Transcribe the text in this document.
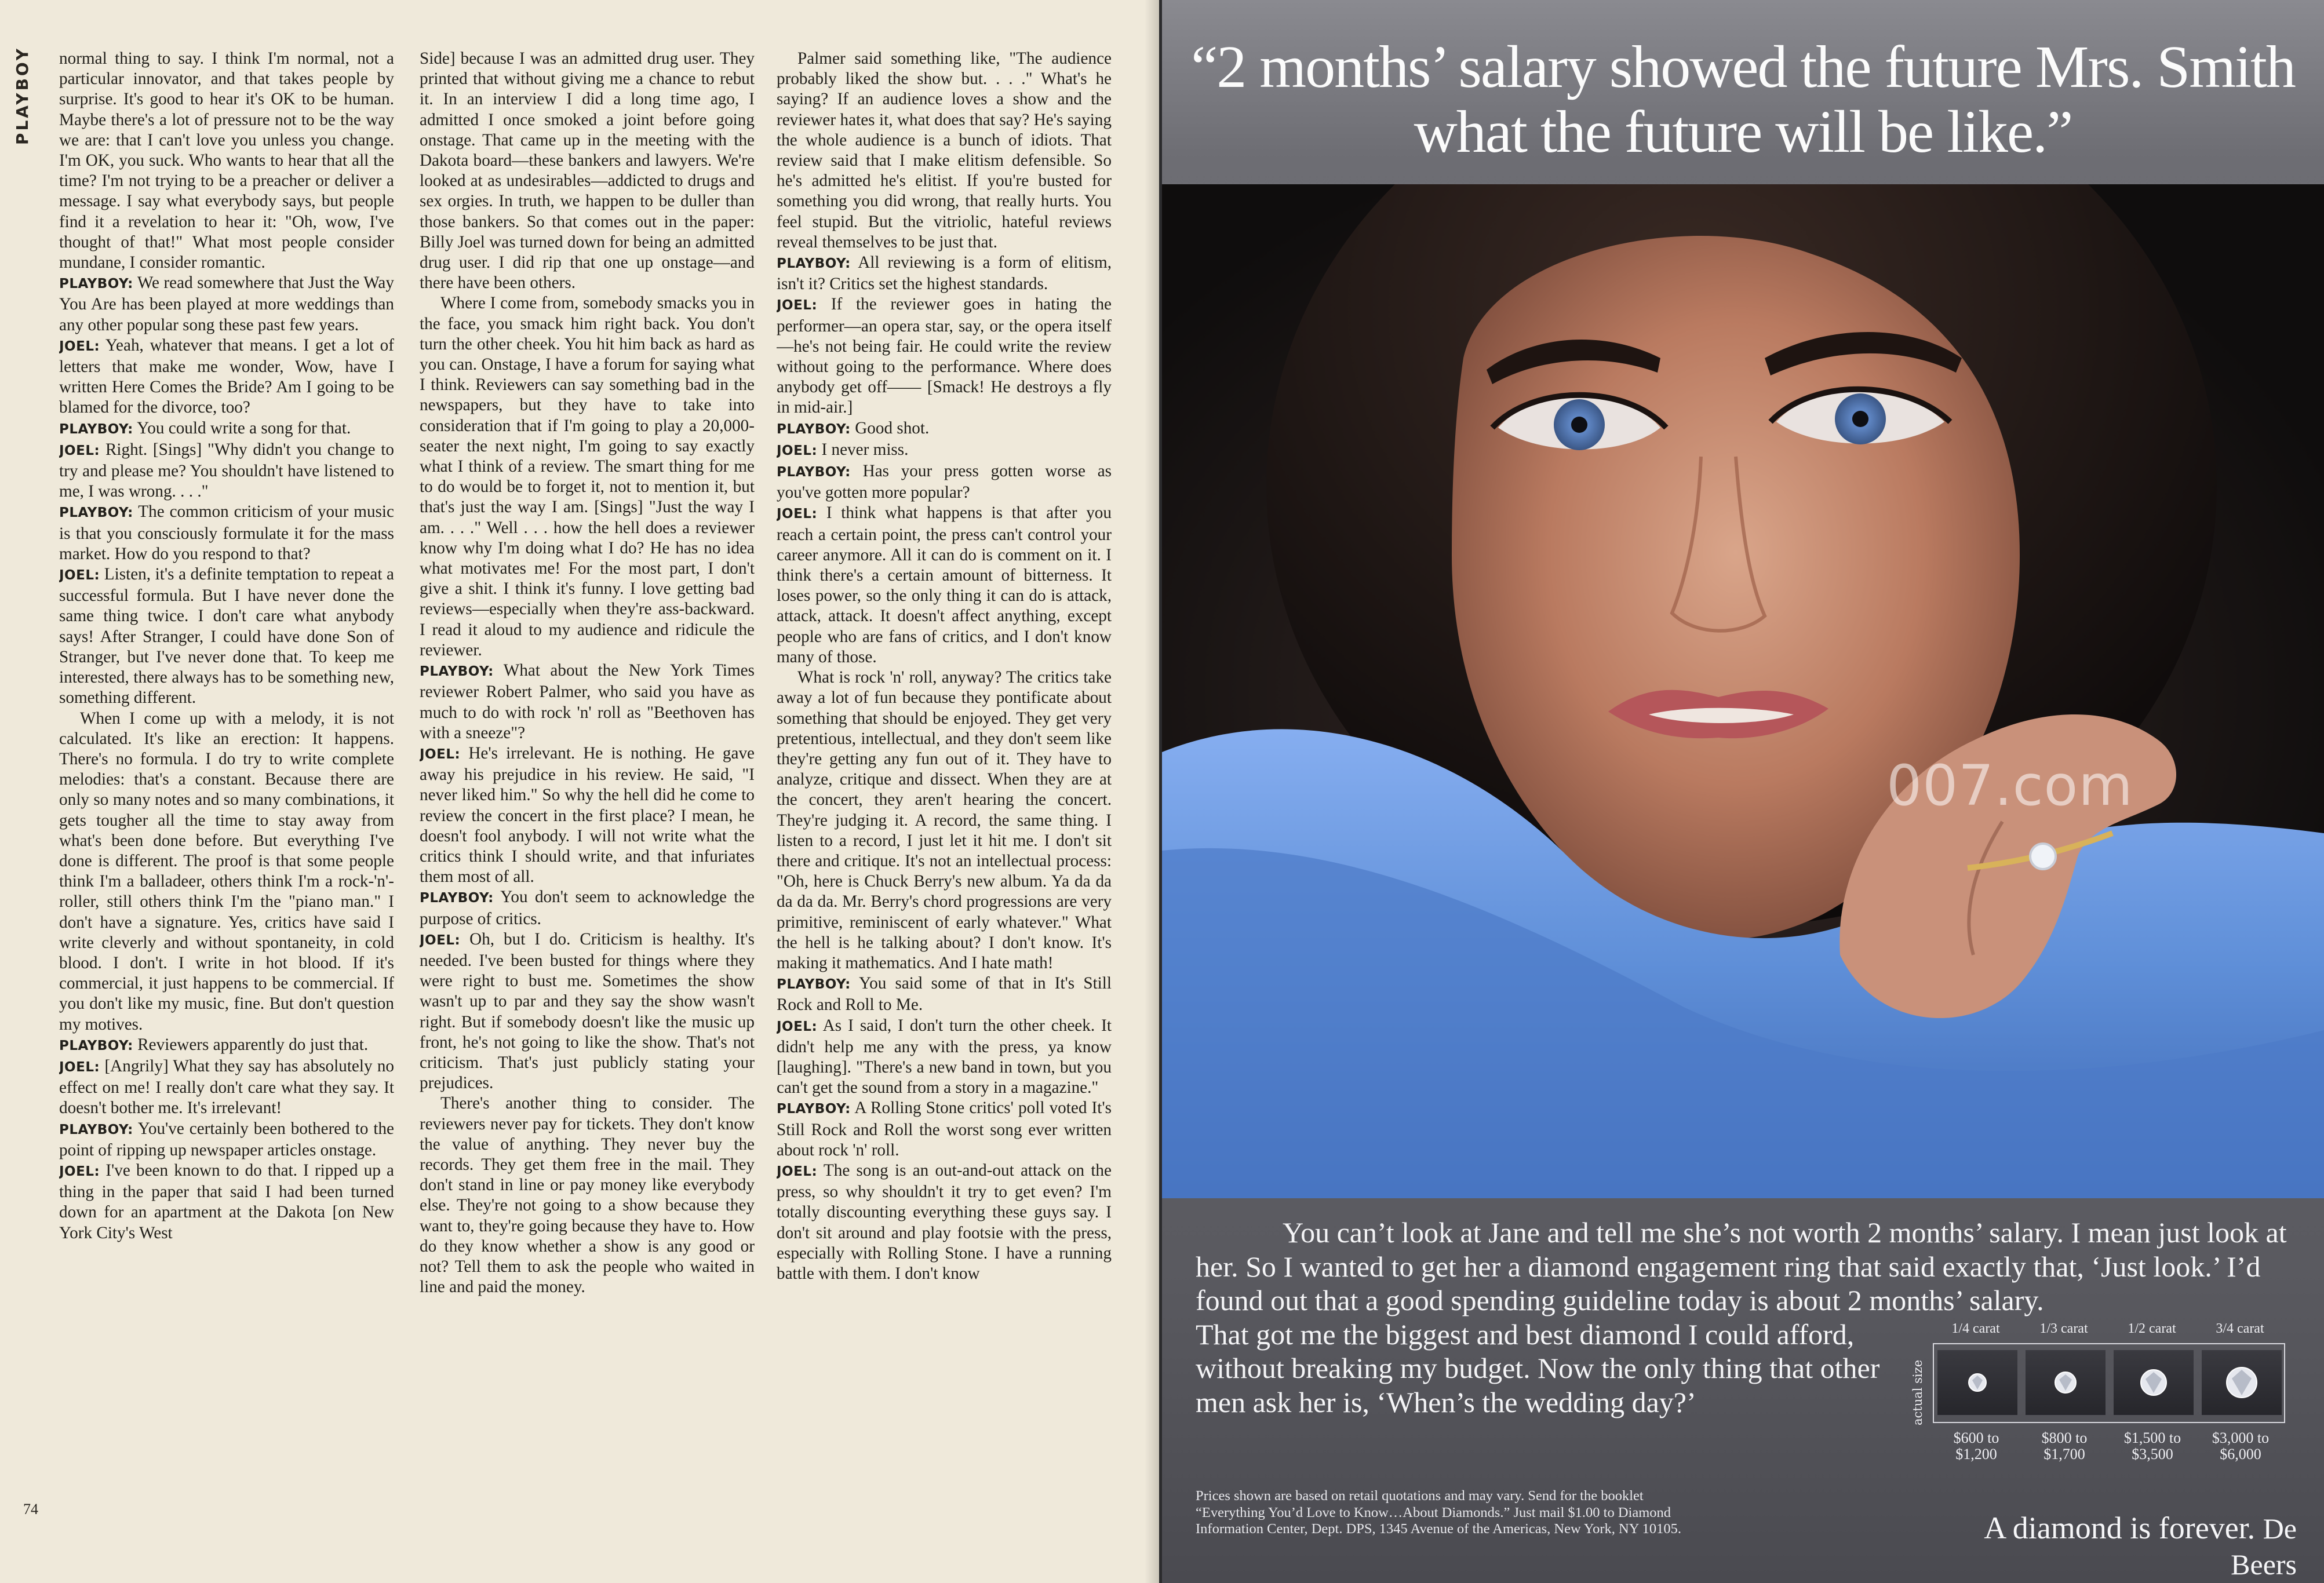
PLAYBOY normal thing to say. I think I'm normal, not a particular innovator, and that takes people by surprise. It's good to hear it's OK to be human. Maybe there's a lot of pressure not to be the way we are: that I can't love you unless you change. I'm OK, you suck. Who wants to hear that all the time? I'm not trying to be a preacher or deliver a message. I say what everybody says, but people find it a revelation to hear it: "Oh, wow, I've thought of that!" What most people consider mundane, I consider romantic.

PLAYBOY: We read somewhere that Just the Way You Are has been played at more weddings than any other popular song these past few years.

JOEL: Yeah, whatever that means. I get a lot of letters that make me wonder, Wow, have I written Here Comes the Bride? Am I going to be blamed for the divorce, too?

PLAYBOY: You could write a song for that.

JOEL: Right. [Sings] "Why didn't you change to try and please me? You shouldn't have listened to me, I was wrong. . . ."

PLAYBOY: The common criticism of your music is that you consciously formulate it for the mass market. How do you respond to that?

JOEL: Listen, it's a definite temptation to repeat a successful formula. But I have never done the same thing twice. I don't care what anybody says! After Stranger, I could have done Son of Stranger, but I've never done that. To keep me interested, there always has to be something new, something different.

When I come up with a melody, it is not calculated. It's like an erection: It happens. There's no formula. I do try to write complete melodies: that's a constant. Because there are only so many notes and so many combinations, it gets tougher all the time to stay away from what's been done before. But everything I've done is different. The proof is that some people think I'm a balladeer, others think I'm a rock-'n'-roller, still others think I'm the "piano man." I don't have a signature. Yes, critics have said I write cleverly and without spontaneity, in cold blood. I don't. I write in hot blood. If it's commercial, it just happens to be commercial. If you don't like my music, fine. But don't question my motives.

PLAYBOY: Reviewers apparently do just that.

JOEL: [Angrily] What they say has absolutely no effect on me! I really don't care what they say. It doesn't bother me. It's irrelevant!

PLAYBOY: You've certainly been bothered to the point of ripping up newspaper articles onstage.

JOEL: I've been known to do that. I ripped up a thing in the paper that said I had been turned down for an apartment at the Dakota [on New York City's West

Side] because I was an admitted drug user. They printed that without giving me a chance to rebut it. In an interview I did a long time ago, I admitted I once smoked a joint before going onstage. That came up in the meeting with the Dakota board—these bankers and lawyers. We're looked at as undesirables—addicted to drugs and sex orgies. In truth, we happen to be duller than those bankers. So that comes out in the paper: Billy Joel was turned down for being an admitted drug user. I did rip that one up onstage—and there have been others.

Where I come from, somebody smacks you in the face, you smack him right back. You don't turn the other cheek. You hit him back as hard as you can. Onstage, I have a forum for saying what I think. Reviewers can say something bad in the newspapers, but they have to take into consideration that if I'm going to play a 20,000-seater the next night, I'm going to say exactly what I think of a review. The smart thing for me to do would be to forget it, not to mention it, but that's just the way I am. [Sings] "Just the way I am. . . ." Well . . . how the hell does a reviewer know why I'm doing what I do? He has no idea what motivates me! For the most part, I don't give a shit. I think it's funny. I love getting bad reviews—especially when they're ass-backward. I read it aloud to my audience and ridicule the reviewer.

PLAYBOY: What about the New York Times reviewer Robert Palmer, who said you have as much to do with rock 'n' roll as "Beethoven has with a sneeze"?

JOEL: He's irrelevant. He is nothing. He gave away his prejudice in his review. He said, "I never liked him." So why the hell did he come to review the concert in the first place? I mean, he doesn't fool anybody. I will not write what the critics think I should write, and that infuriates them most of all.

PLAYBOY: You don't seem to acknowledge the purpose of critics.

JOEL: Oh, but I do. Criticism is healthy. It's needed. I've been busted for things where they were right to bust me. Sometimes the show wasn't up to par and they say the show wasn't right. But if somebody doesn't like the music up front, he's not going to like the show. That's not criticism. That's just publicly stating your prejudices.

There's another thing to consider. The reviewers never pay for tickets. They don't know the value of anything. They never buy the records. They get them free in the mail. They don't stand in line or pay money like everybody else. They're not going to a show because they want to, they're going because they have to. How do they know whether a show is any good or not? Tell them to ask the people who waited in line and paid the money.

Palmer said something like, "The audience probably liked the show but. . . ." What's he saying? If an audience loves a show and the reviewer hates it, what does that say? He's saying the whole audience is a bunch of idiots. That review said that I make elitism defensible. So he's admitted he's elitist. If you're busted for something you did wrong, that really hurts. You feel stupid. But the vitriolic, hateful reviews reveal themselves to be just that.

PLAYBOY: All reviewing is a form of elitism, isn't it? Critics set the highest standards.

JOEL: If the reviewer goes in hating the performer—an opera star, say, or the opera itself—he's not being fair. He could write the review without going to the performance. Where does anybody get off—— [Smack! He destroys a fly in mid-air.]

PLAYBOY: Good shot.

JOEL: I never miss.

PLAYBOY: Has your press gotten worse as you've gotten more popular?

JOEL: I think what happens is that after you reach a certain point, the press can't control your career anymore. All it can do is comment on it. I think there's a certain amount of bitterness. It loses power, so the only thing it can do is attack, attack, attack. It doesn't affect anything, except people who are fans of critics, and I don't know many of those.

What is rock 'n' roll, anyway? The critics take away a lot of fun because they pontificate about something that should be enjoyed. They get very pretentious, intellectual, and they don't seem like they're getting any fun out of it. They have to analyze, critique and dissect. When they are at the concert, they aren't hearing the concert. They're judging it. A record, the same thing. I listen to a record, I just let it hit me. I don't sit there and critique. It's not an intellectual process: "Oh, here is Chuck Berry's new album. Ya da da da da da. Mr. Berry's chord progressions are very primitive, reminiscent of early whatever." What the hell is he talking about? I don't know. It's making it mathematics. And I hate math!

PLAYBOY: You said some of that in It's Still Rock and Roll to Me.

JOEL: As I said, I don't turn the other cheek. It didn't help me any with the press, ya know [laughing]. "There's a new band in town, but you can't get the sound from a story in a magazine."

PLAYBOY: A Rolling Stone critics' poll voted It's Still Rock and Roll the worst song ever written about rock 'n' roll.

JOEL: The song is an out-and-out attack on the press, so why shouldn't it try to get even? I'm totally discounting everything these guys say. I don't sit around and play footsie with the press, especially with Rolling Stone. I have a running battle with them. I don't know

74
“2 months’ salary showed the future Mrs. Smith
what the future will be like.”

You can’t look at Jane and tell me she’s not worth 2 months’ salary. I mean just look at her. So I wanted to get her a diamond engagement ring that said exactly that, ‘Just look.’ I’d found out that a good spending guideline today is about 2 months’ salary.
That got me the biggest and best diamond I could afford, without breaking my budget. Now the only thing that other men ask her is, ‘When’s the wedding day?’

1/4 carat	1/3 carat	1/2 carat	3/4 carat
actual size
$600 to
$1,200
$800 to
$1,700
$1,500 to
$3,500
$3,000 to
$6,000
Prices shown are based on retail quotations and may vary. Send for the booklet
“Everything You’d Love to Know…About Diamonds.” Just mail $1.00 to Diamond
Information Center, Dept. DPS, 1345 Avenue of the Americas, New York, NY 10105.	A diamond is forever. De Beers
007.com
